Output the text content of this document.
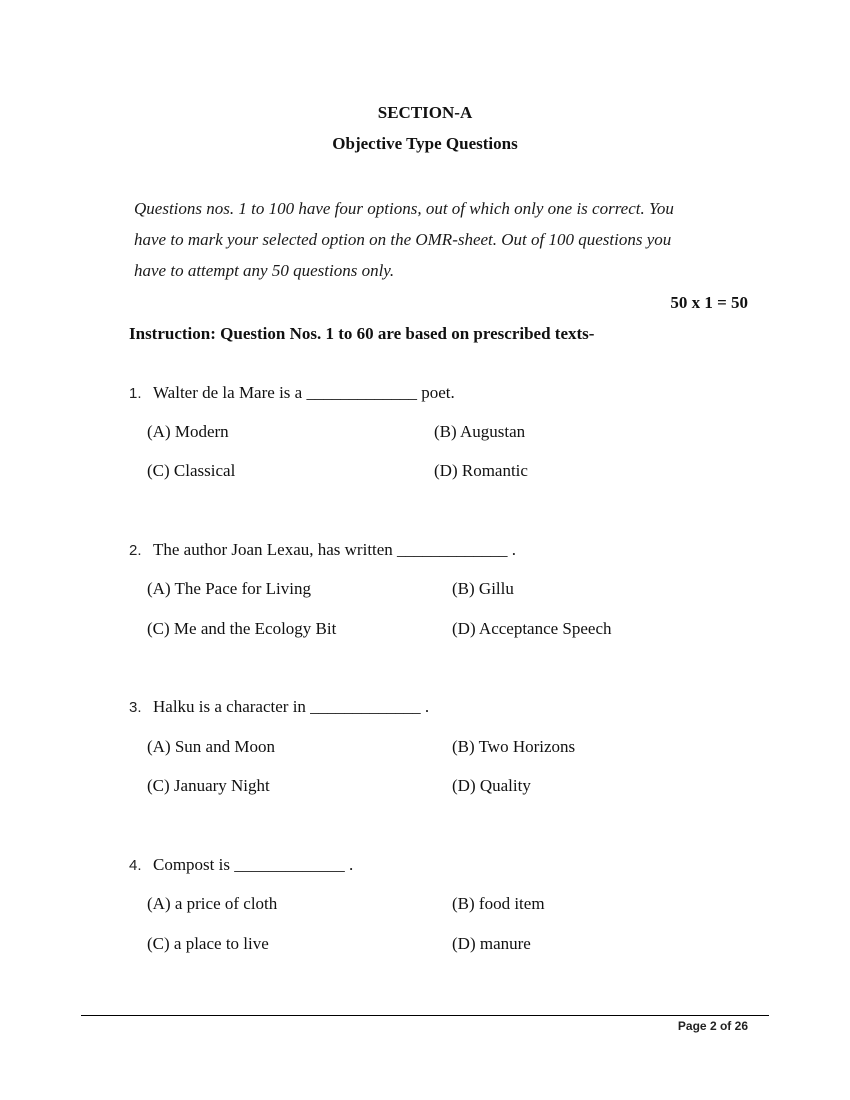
SECTION-A
Objective Type Questions
Questions nos. 1 to 100 have four options, out of which only one is correct. You
have to mark your selected option on the OMR-sheet. Out of 100 questions you
have to attempt any 50 questions only.
50 x 1 = 50
Instruction: Question Nos. 1 to 60 are based on prescribed texts-
1. Walter de la Mare is a _____________ poet.
(A) Modern	(B) Augustan
(C) Classical	(D) Romantic
2. The author Joan Lexau, has written _____________ .
(A) The Pace for Living	(B) Gillu
(C) Me and the Ecology Bit	(D) Acceptance Speech
3. Halku is a character in _____________ .
(A) Sun and Moon	(B) Two Horizons
(C) January Night	(D) Quality
4. Compost is _____________ .
(A) a price of cloth	(B) food item
(C) a place to live	(D) manure
Page 2 of 26
